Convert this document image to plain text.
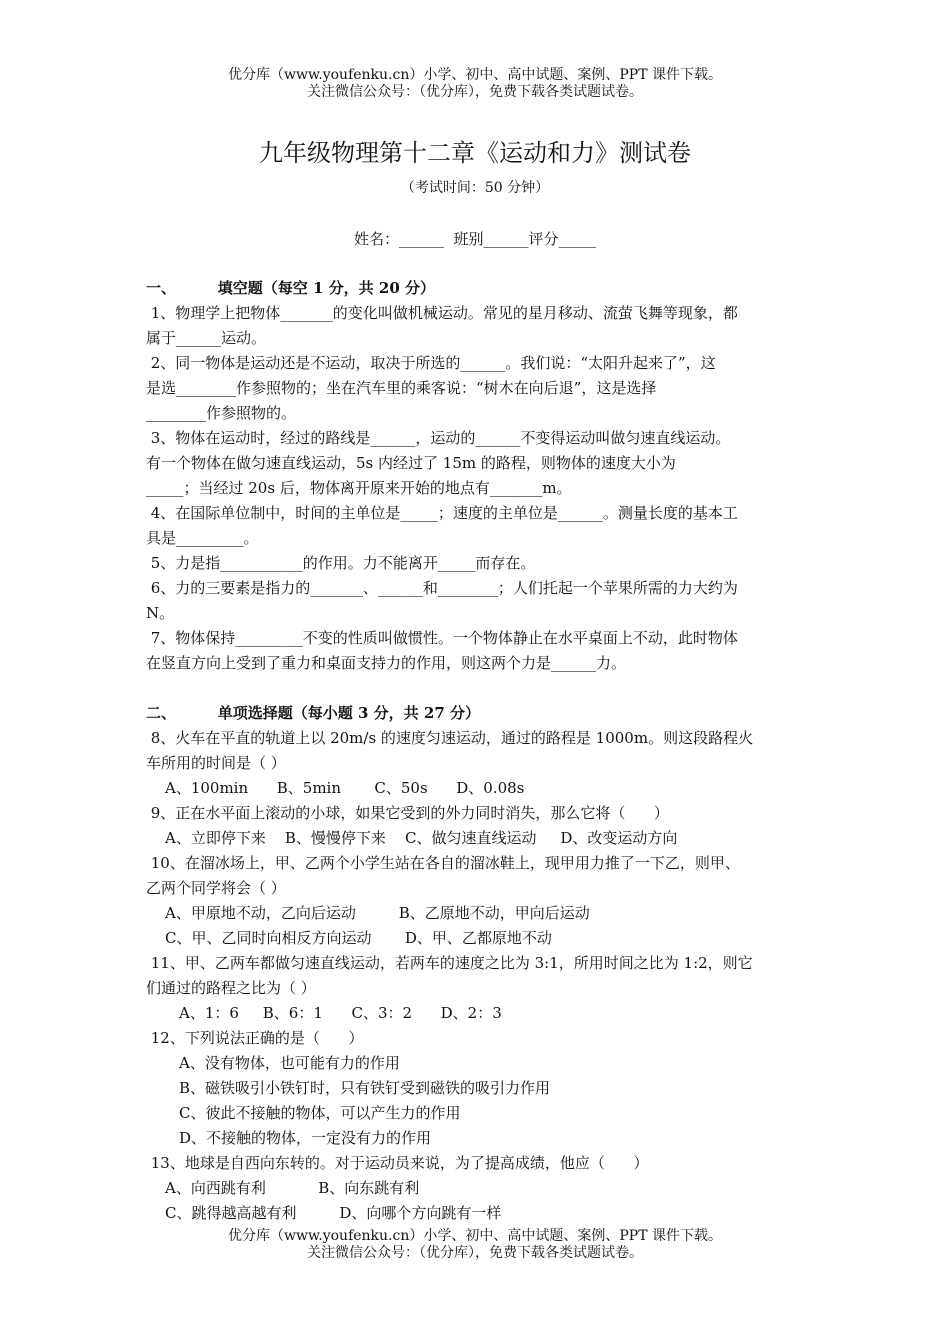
优分库（www.youfenku.cn）小学、初中、高中试题、案例、PPT 课件下载。
关注微信公众号：（优分库），免费下载各类试题试卷。
九年级物理第十二章《运动和力》测试卷
（考试时间：50 分钟）
姓名：______  班别______评分_____
一、        填空题（每空 1 分，共 20 分）
1、物理学上把物体_______的变化叫做机械运动。常见的星月移动、流萤飞舞等现象，都
属于______运动。
2、同一物体是运动还是不运动，取决于所选的______。我们说：“太阳升起来了”，这
是选________作参照物的；坐在汽车里的乘客说：“树木在向后退”，这是选择
________作参照物的。
3、物体在运动时，经过的路线是______，运动的______不变得运动叫做匀速直线运动。
有一个物体在做匀速直线运动，5s 内经过了 15m 的路程，则物体的速度大小为
_____；当经过 20s 后，物体离开原来开始的地点有_______m。
4、在国际单位制中，时间的主单位是_____；速度的主单位是______。测量长度的基本工
具是_________。
5、力是指___________的作用。力不能离开_____而存在。
6、力的三要素是指力的_______、______和________；人们托起一个苹果所需的力大约为
N。
7、物体保持_________不变的性质叫做惯性。一个物体静止在水平桌面上不动，此时物体
在竖直方向上受到了重力和桌面支持力的作用，则这两个力是______力。
二、        单项选择题（每小题 3 分，共 27 分）
8、火车在平直的轨道上以 20m/s 的速度匀速运动，通过的路程是 1000m。则这段路程火
车所用的时间是（ ）
A、100min      B、5min       C、50s      D、0.08s
9、正在水平面上滚动的小球，如果它受到的外力同时消失，那么它将（      ）
A、立即停下来    B、慢慢停下来    C、做匀速直线运动     D、改变运动方向
10、在溜冰场上，甲、乙两个小学生站在各自的溜冰鞋上，现甲用力推了一下乙，则甲、
乙两个同学将会（ ）
A、甲原地不动，乙向后运动         B、乙原地不动，甲向后运动
C、甲、乙同时向相反方向运动       D、甲、乙都原地不动
11、甲、乙两车都做匀速直线运动，若两车的速度之比为 3:1，所用时间之比为 1:2，则它
们通过的路程之比为（ ）
A、1：6     B、6：1      C、3：2      D、2：3
12、下列说法正确的是（      ）
A、没有物体，也可能有力的作用
B、磁铁吸引小铁钉时，只有铁钉受到磁铁的吸引力作用
C、彼此不接触的物体，可以产生力的作用
D、不接触的物体，一定没有力的作用
13、地球是自西向东转的。对于运动员来说，为了提高成绩，他应（      ）
A、向西跳有利           B、向东跳有利
C、跳得越高越有利         D、向哪个方向跳有一样
优分库（www.youfenku.cn）小学、初中、高中试题、案例、PPT 课件下载。
关注微信公众号：（优分库），免费下载各类试题试卷。
